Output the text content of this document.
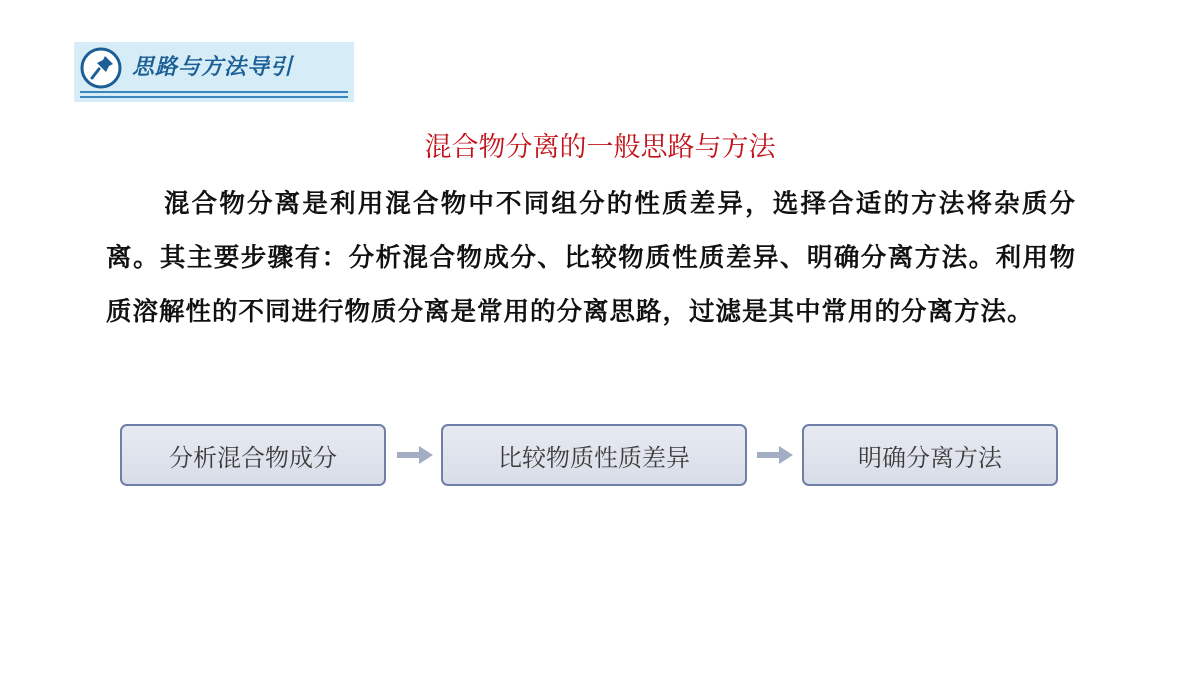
思路与方法导引
混合物分离的一般思路与方法
混合物分离是利用混合物中不同组分的性质差异，选择合适的方法将杂质分离。其主要步骤有：分析混合物成分、比较物质性质差异、明确分离方法。利用物质溶解性的不同进行物质分离是常用的分离思路，过滤是其中常用的分离方法。
分析混合物成分	比较物质性质差异	明确分离方法
